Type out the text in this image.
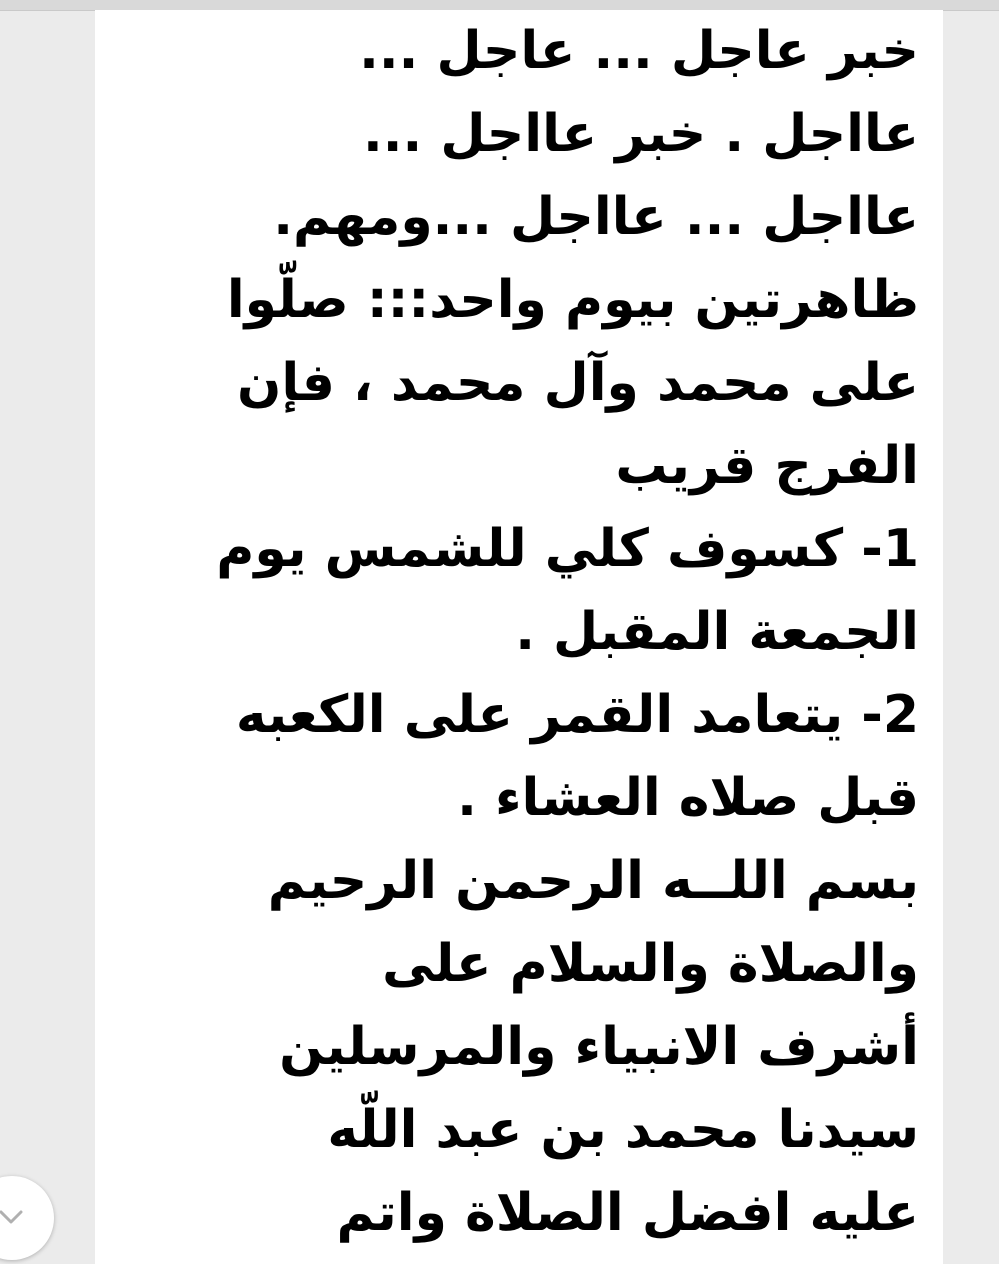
خبر عاجل ... عاجل ...
عااجل . خبر عااجل ...
عااجل ... عااجل ...ومهم.
ظاهرتين بيوم واحد::: صلّوا
على محمد وآل محمد ، فإن
الفرج قريب
1- كسوف كلي للشمس يوم
الجمعة المقبل .
2- يتعامد القمر على الكعبه
قبل صلاه العشاء .
بسم اللــه الرحمن الرحيم
والصلاة والسلام على
أشرف الانبياء والمرسلين
سيدنا محمد بن عبد اللّه
عليه افضل الصلاة واتم
